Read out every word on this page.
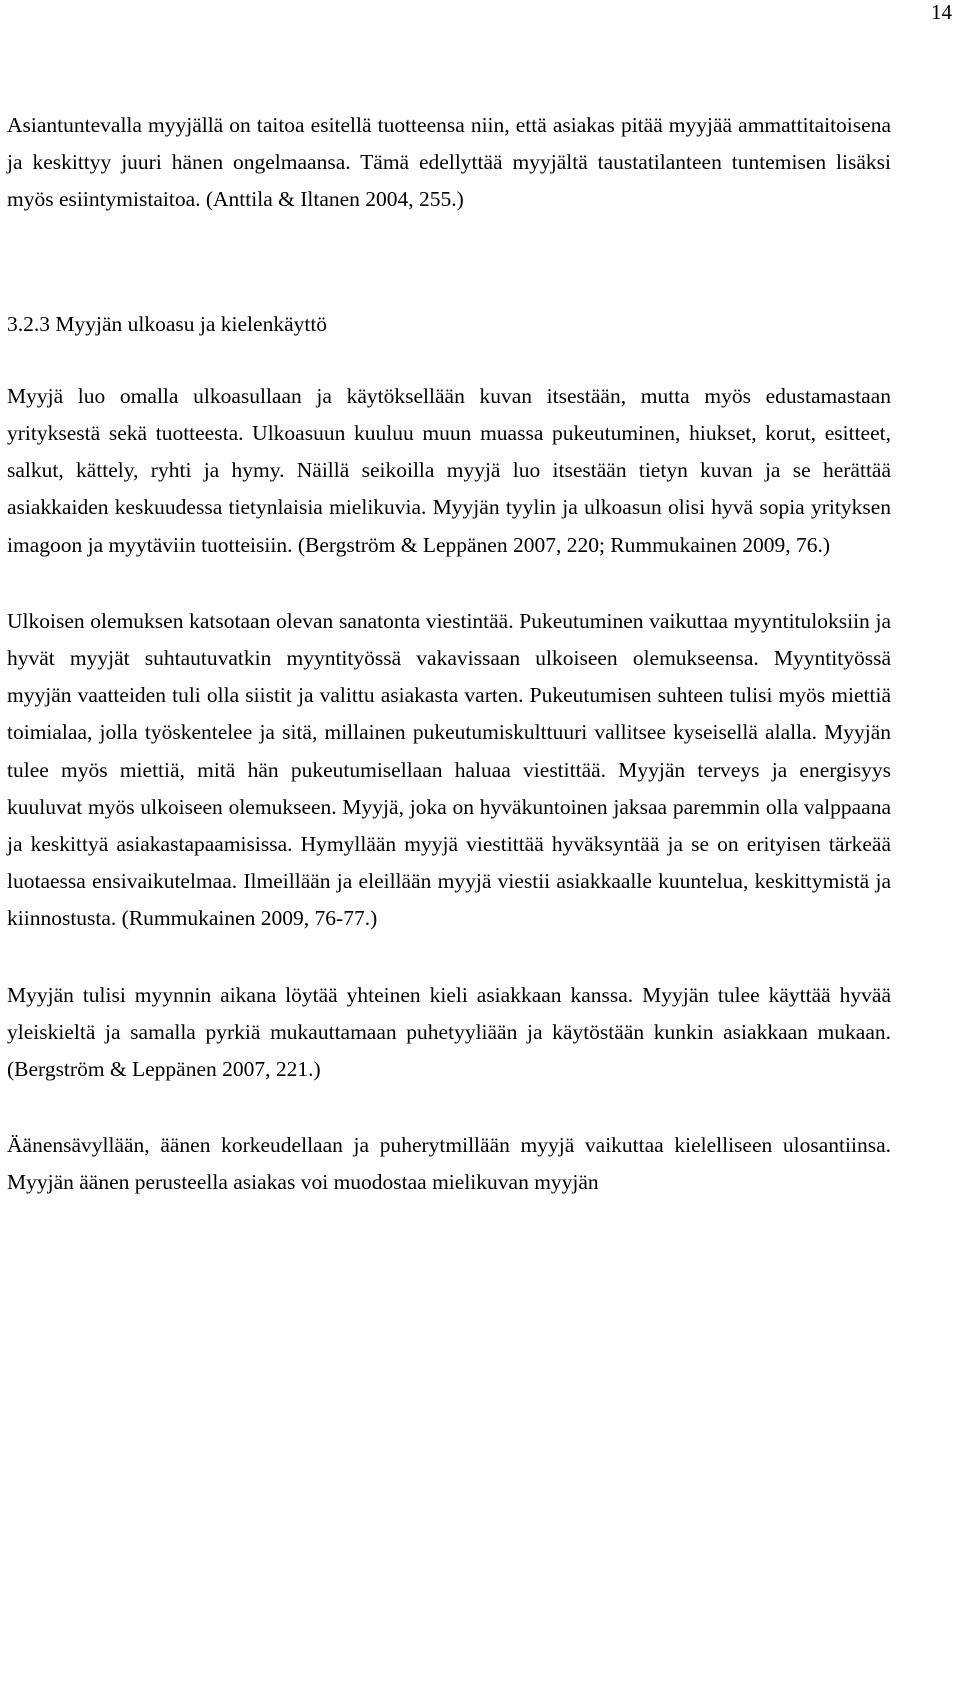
14

Asiantuntevalla myyjällä on taitoa esitellä tuotteensa niin, että asiakas pitää myyjää ammattitaitoisena ja keskittyy juuri hänen ongelmaansa. Tämä edellyttää myyjältä taustatilanteen tuntemisen lisäksi myös esiintymistaitoa. (Anttila & Iltanen 2004, 255.)

3.2.3 Myyjän ulkoasu ja kielenkäyttö

Myyjä luo omalla ulkoasullaan ja käytöksellään kuvan itsestään, mutta myös edustamastaan yrityksestä sekä tuotteesta. Ulkoasuun kuuluu muun muassa pukeutuminen, hiukset, korut, esitteet, salkut, kättely, ryhti ja hymy. Näillä seikoilla myyjä luo itsestään tietyn kuvan ja se herättää asiakkaiden keskuudessa tietynlaisia mielikuvia. Myyjän tyylin ja ulkoasun olisi hyvä sopia yrityksen imagoon ja myytäviin tuotteisiin. (Bergström & Leppänen 2007, 220; Rummukainen 2009, 76.)

Ulkoisen olemuksen katsotaan olevan sanatonta viestintää. Pukeutuminen vaikuttaa myyntituloksiin ja hyvät myyjät suhtautuvatkin myyntityössä vakavissaan ulkoiseen olemukseensa. Myyntityössä myyjän vaatteiden tuli olla siistit ja valittu asiakasta varten. Pukeutumisen suhteen tulisi myös miettiä toimialaa, jolla työskentelee ja sitä, millainen pukeutumiskulttuuri vallitsee kyseisellä alalla. Myyjän tulee myös miettiä, mitä hän pukeutumisellaan haluaa viestittää. Myyjän terveys ja energisyys kuuluvat myös ulkoiseen olemukseen. Myyjä, joka on hyväkuntoinen jaksaa paremmin olla valppaana ja keskittyä asiakastapaamisissa. Hymyllään myyjä viestittää hyväksyntää ja se on erityisen tärkeää luotaessa ensivaikutelmaa. Ilmeillään ja eleillään myyjä viestii asiakkaalle kuuntelua, keskittymistä ja kiinnostusta. (Rummukainen 2009, 76-77.)

Myyjän tulisi myynnin aikana löytää yhteinen kieli asiakkaan kanssa. Myyjän tulee käyttää hyvää yleiskieltä ja samalla pyrkiä mukauttamaan puhetyyliään ja käytöstään kunkin asiakkaan mukaan. (Bergström & Leppänen 2007, 221.)

Äänensävyllään, äänen korkeudellaan ja puherytmillään myyjä vaikuttaa kielelliseen ulosantiinsa. Myyjän äänen perusteella asiakas voi muodostaa mielikuvan myyjän
